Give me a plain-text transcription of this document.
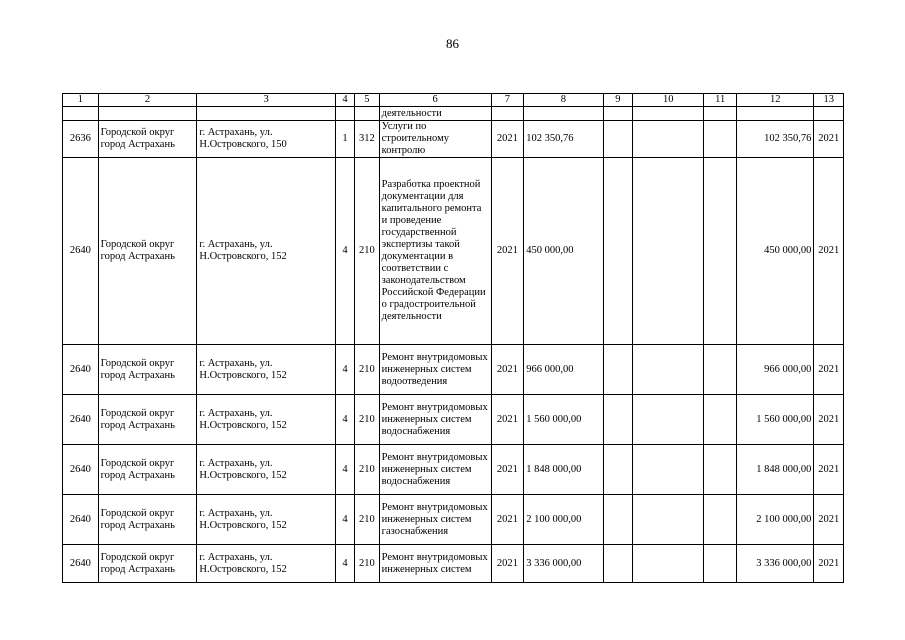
86
1	2	3	4	5	6	7	8	9	10	11	12	13
					деятельности							
2636	Городской округ город Астрахань	г. Астрахань, ул. Н.Островского, 150	1	312	Услуги по строительному контролю	2021	102 350,76				102 350,76	2021
2640	Городской округ город Астрахань	г. Астрахань, ул. Н.Островского, 152	4	210	Разработка проектной документации для капитального ремонта и проведение государственной экспертизы такой документации в соответствии с законодательством Российской Федерации о градостроительной деятельности	2021	450 000,00				450 000,00	2021
2640	Городской округ город Астрахань	г. Астрахань, ул. Н.Островского, 152	4	210	Ремонт внутридомовых инженерных систем водоотведения	2021	966 000,00				966 000,00	2021
2640	Городской округ город Астрахань	г. Астрахань, ул. Н.Островского, 152	4	210	Ремонт внутридомовых инженерных систем водоснабжения	2021	1 560 000,00				1 560 000,00	2021
2640	Городской округ город Астрахань	г. Астрахань, ул. Н.Островского, 152	4	210	Ремонт внутридомовых инженерных систем водоснабжения	2021	1 848 000,00				1 848 000,00	2021
2640	Городской округ город Астрахань	г. Астрахань, ул. Н.Островского, 152	4	210	Ремонт внутридомовых инженерных систем газоснабжения	2021	2 100 000,00				2 100 000,00	2021
2640	Городской округ город Астрахань	г. Астрахань, ул. Н.Островского, 152	4	210	Ремонт внутридомовых инженерных систем	2021	3 336 000,00				3 336 000,00	2021
